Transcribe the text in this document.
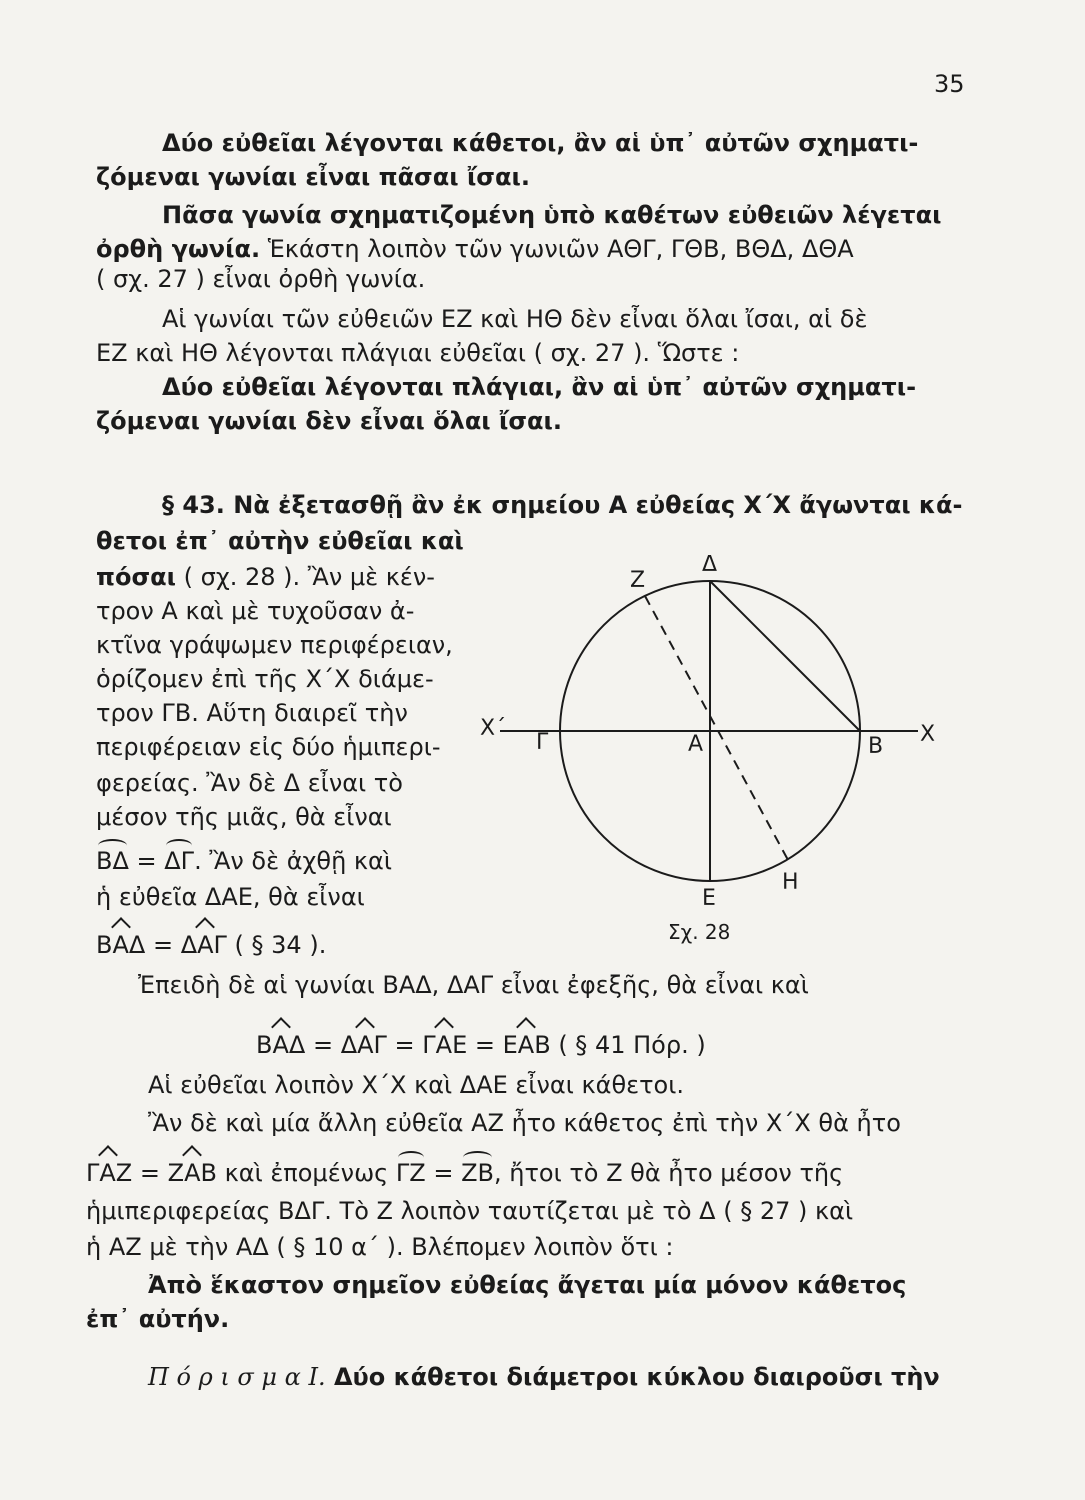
35
Δύο εὐθεῖαι λέγονται κάθετοι, ἂν αἱ ὑπ᾿ αὐτῶν σχηματι-
ζόμεναι γωνίαι εἶναι πᾶσαι ἴσαι.
Πᾶσα γωνία σχηματιζομένη ὑπὸ καθέτων εὐθειῶν λέγεται
ὀρθὴ γωνία. Ἑκάστη λοιπὸν τῶν γωνιῶν ΑΘΓ, ΓΘΒ, ΒΘΔ, ΔΘΑ
( σχ. 27 ) εἶναι ὀρθὴ γωνία.
Αἱ γωνίαι τῶν εὐθειῶν ΕΖ καὶ ΗΘ δὲν εἶναι ὅλαι ἴσαι, αἱ δὲ
ΕΖ καὶ ΗΘ λέγονται πλάγιαι εὐθεῖαι ( σχ. 27 ). Ὥστε :
Δύο εὐθεῖαι λέγονται πλάγιαι, ἂν αἱ ὑπ᾿ αὐτῶν σχηματι-
ζόμεναι γωνίαι δὲν εἶναι ὅλαι ἴσαι.
§ 43. Νὰ ἐξετασθῇ ἂν ἐκ σημείου Α εὐθείας Χ΄Χ ἄγωνται κά-
θετοι ἐπ᾿ αὐτὴν εὐθεῖαι καὶ
πόσαι ( σχ. 28 ). Ἂν μὲ κέν-
τρον Α καὶ μὲ τυχοῦσαν ἀ-
κτῖνα γράψωμεν περιφέρειαν,
ὁρίζομεν ἐπὶ τῆς Χ΄Χ διάμε-
τρον ΓΒ. Αὕτη διαιρεῖ τὴν
περιφέρειαν εἰς δύο ἡμιπερι-
φερείας. Ἂν δὲ Δ εἶναι τὸ
μέσον τῆς μιᾶς, θὰ εἶναι
ΒΔ = ΔΓ. Ἂν δὲ ἀχθῇ καὶ
ἡ εὐθεῖα ΔΑΕ, θὰ εἶναι
ΒΑΔ = ΔΑΓ ( § 34 ).
Ἐπειδὴ δὲ αἱ γωνίαι ΒΑΔ, ΔΑΓ εἶναι ἐφεξῆς, θὰ εἶναι καὶ
ΒΑΔ = ΔΑΓ = ΓΑΕ = ΕΑΒ ( § 41 Πόρ. )
Αἱ εὐθεῖαι λοιπὸν Χ΄Χ καὶ ΔΑΕ εἶναι κάθετοι.
Ἂν δὲ καὶ μία ἄλλη εὐθεῖα ΑΖ ἦτο κάθετος ἐπὶ τὴν Χ΄Χ θὰ ἦτο
ΓΑΖ = ΖΑΒ καὶ ἐπομένως ΓΖ = ΖΒ, ἤτοι τὸ Ζ θὰ ἦτο μέσον τῆς
ἡμιπεριφερείας ΒΔΓ. Τὸ Ζ λοιπὸν ταυτίζεται μὲ τὸ Δ ( § 27 ) καὶ
ἡ ΑΖ μὲ τὴν ΑΔ ( § 10 α΄ ). Βλέπομεν λοιπὸν ὅτι :
Ἀπὸ ἕκαστον σημεῖον εὐθείας ἄγεται μία μόνον κάθετος
ἐπ᾿ αὐτήν.
Π ό ρ ι σ μ α I. Δύο κάθετοι διάμετροι κύκλου διαιροῦσι τὴν
Ζ
Δ
Χ΄
Γ	Α	Β Χ
Ε
Η
Σχ. 28
